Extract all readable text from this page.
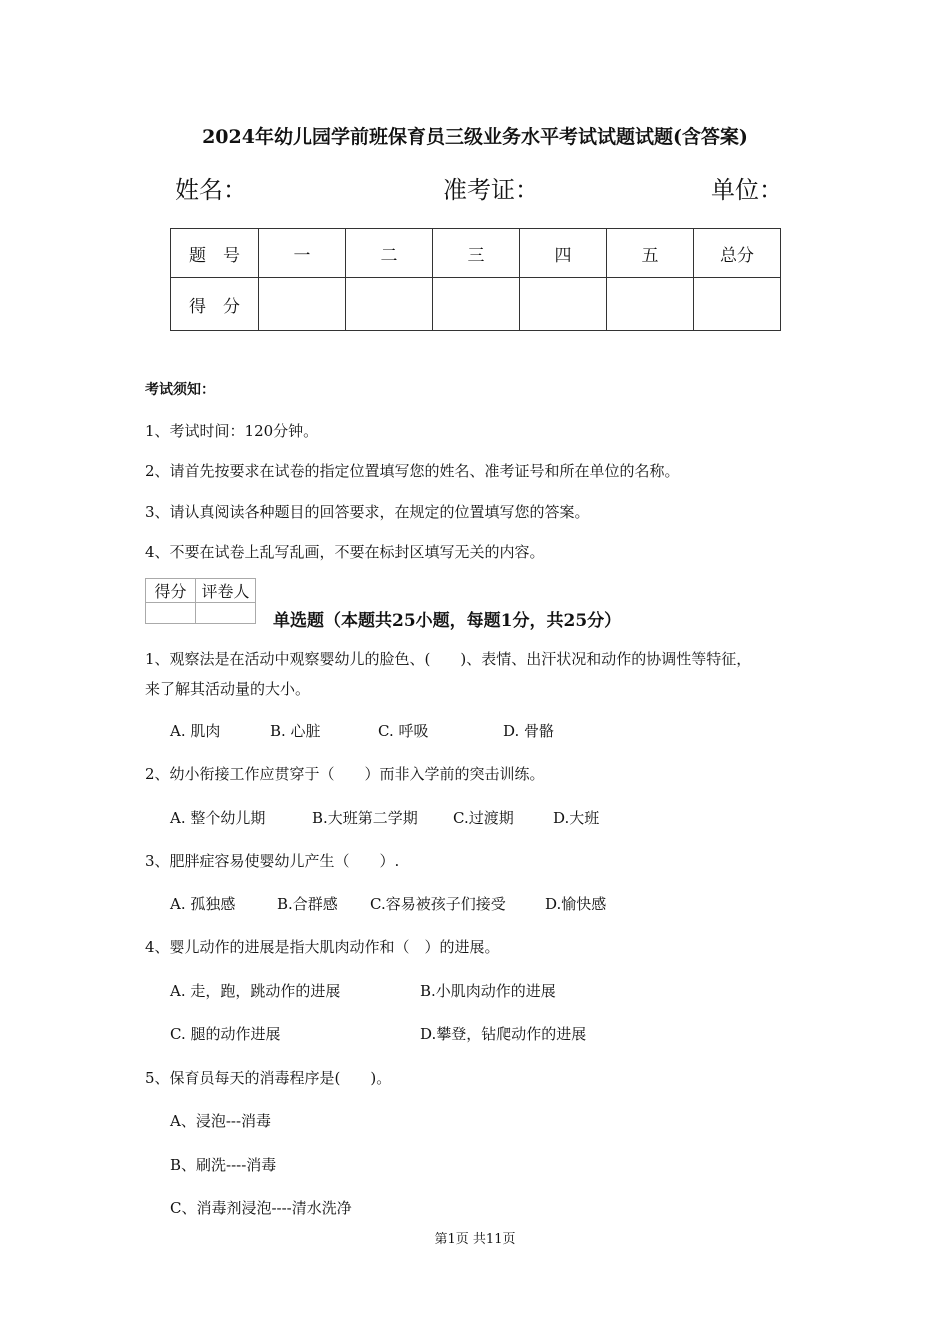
2024年幼儿园学前班保育员三级业务水平考试试题试题(含答案)
姓名：	准考证：	单位：
题　号	一	二	三	四	五	总分
得　分						
考试须知：
1、考试时间：120分钟。
2、请首先按要求在试卷的指定位置填写您的姓名、准考证号和所在单位的名称。
3、请认真阅读各种题目的回答要求，在规定的位置填写您的答案。
4、不要在试卷上乱写乱画，不要在标封区填写无关的内容。
得分	评卷人

单选题（本题共25小题，每题1分，共25分）
1、观察法是在活动中观察婴幼儿的脸色、(　　)、表情、出汗状况和动作的协调性等特征，
来了解其活动量的大小。
A. 肌肉	B. 心脏	C. 呼吸	D. 骨骼
2、幼小衔接工作应贯穿于（　　）而非入学前的突击训练。
A. 整个幼儿期	B.大班第二学期 C.过渡期	D.大班
3、肥胖症容易使婴幼儿产生（　　）.
A. 孤独感	B.合群感 C.容易被孩子们接受	D.愉快感
4、婴儿动作的进展是指大肌肉动作和（　）的进展。
A. 走，跑，跳动作的进展	B.小肌肉动作的进展
C. 腿的动作进展	D.攀登，钻爬动作的进展
5、保育员每天的消毒程序是(　　)。
A、浸泡---消毒
B、刷洗----消毒
C、消毒剂浸泡----清水洗净
第1页 共11页
